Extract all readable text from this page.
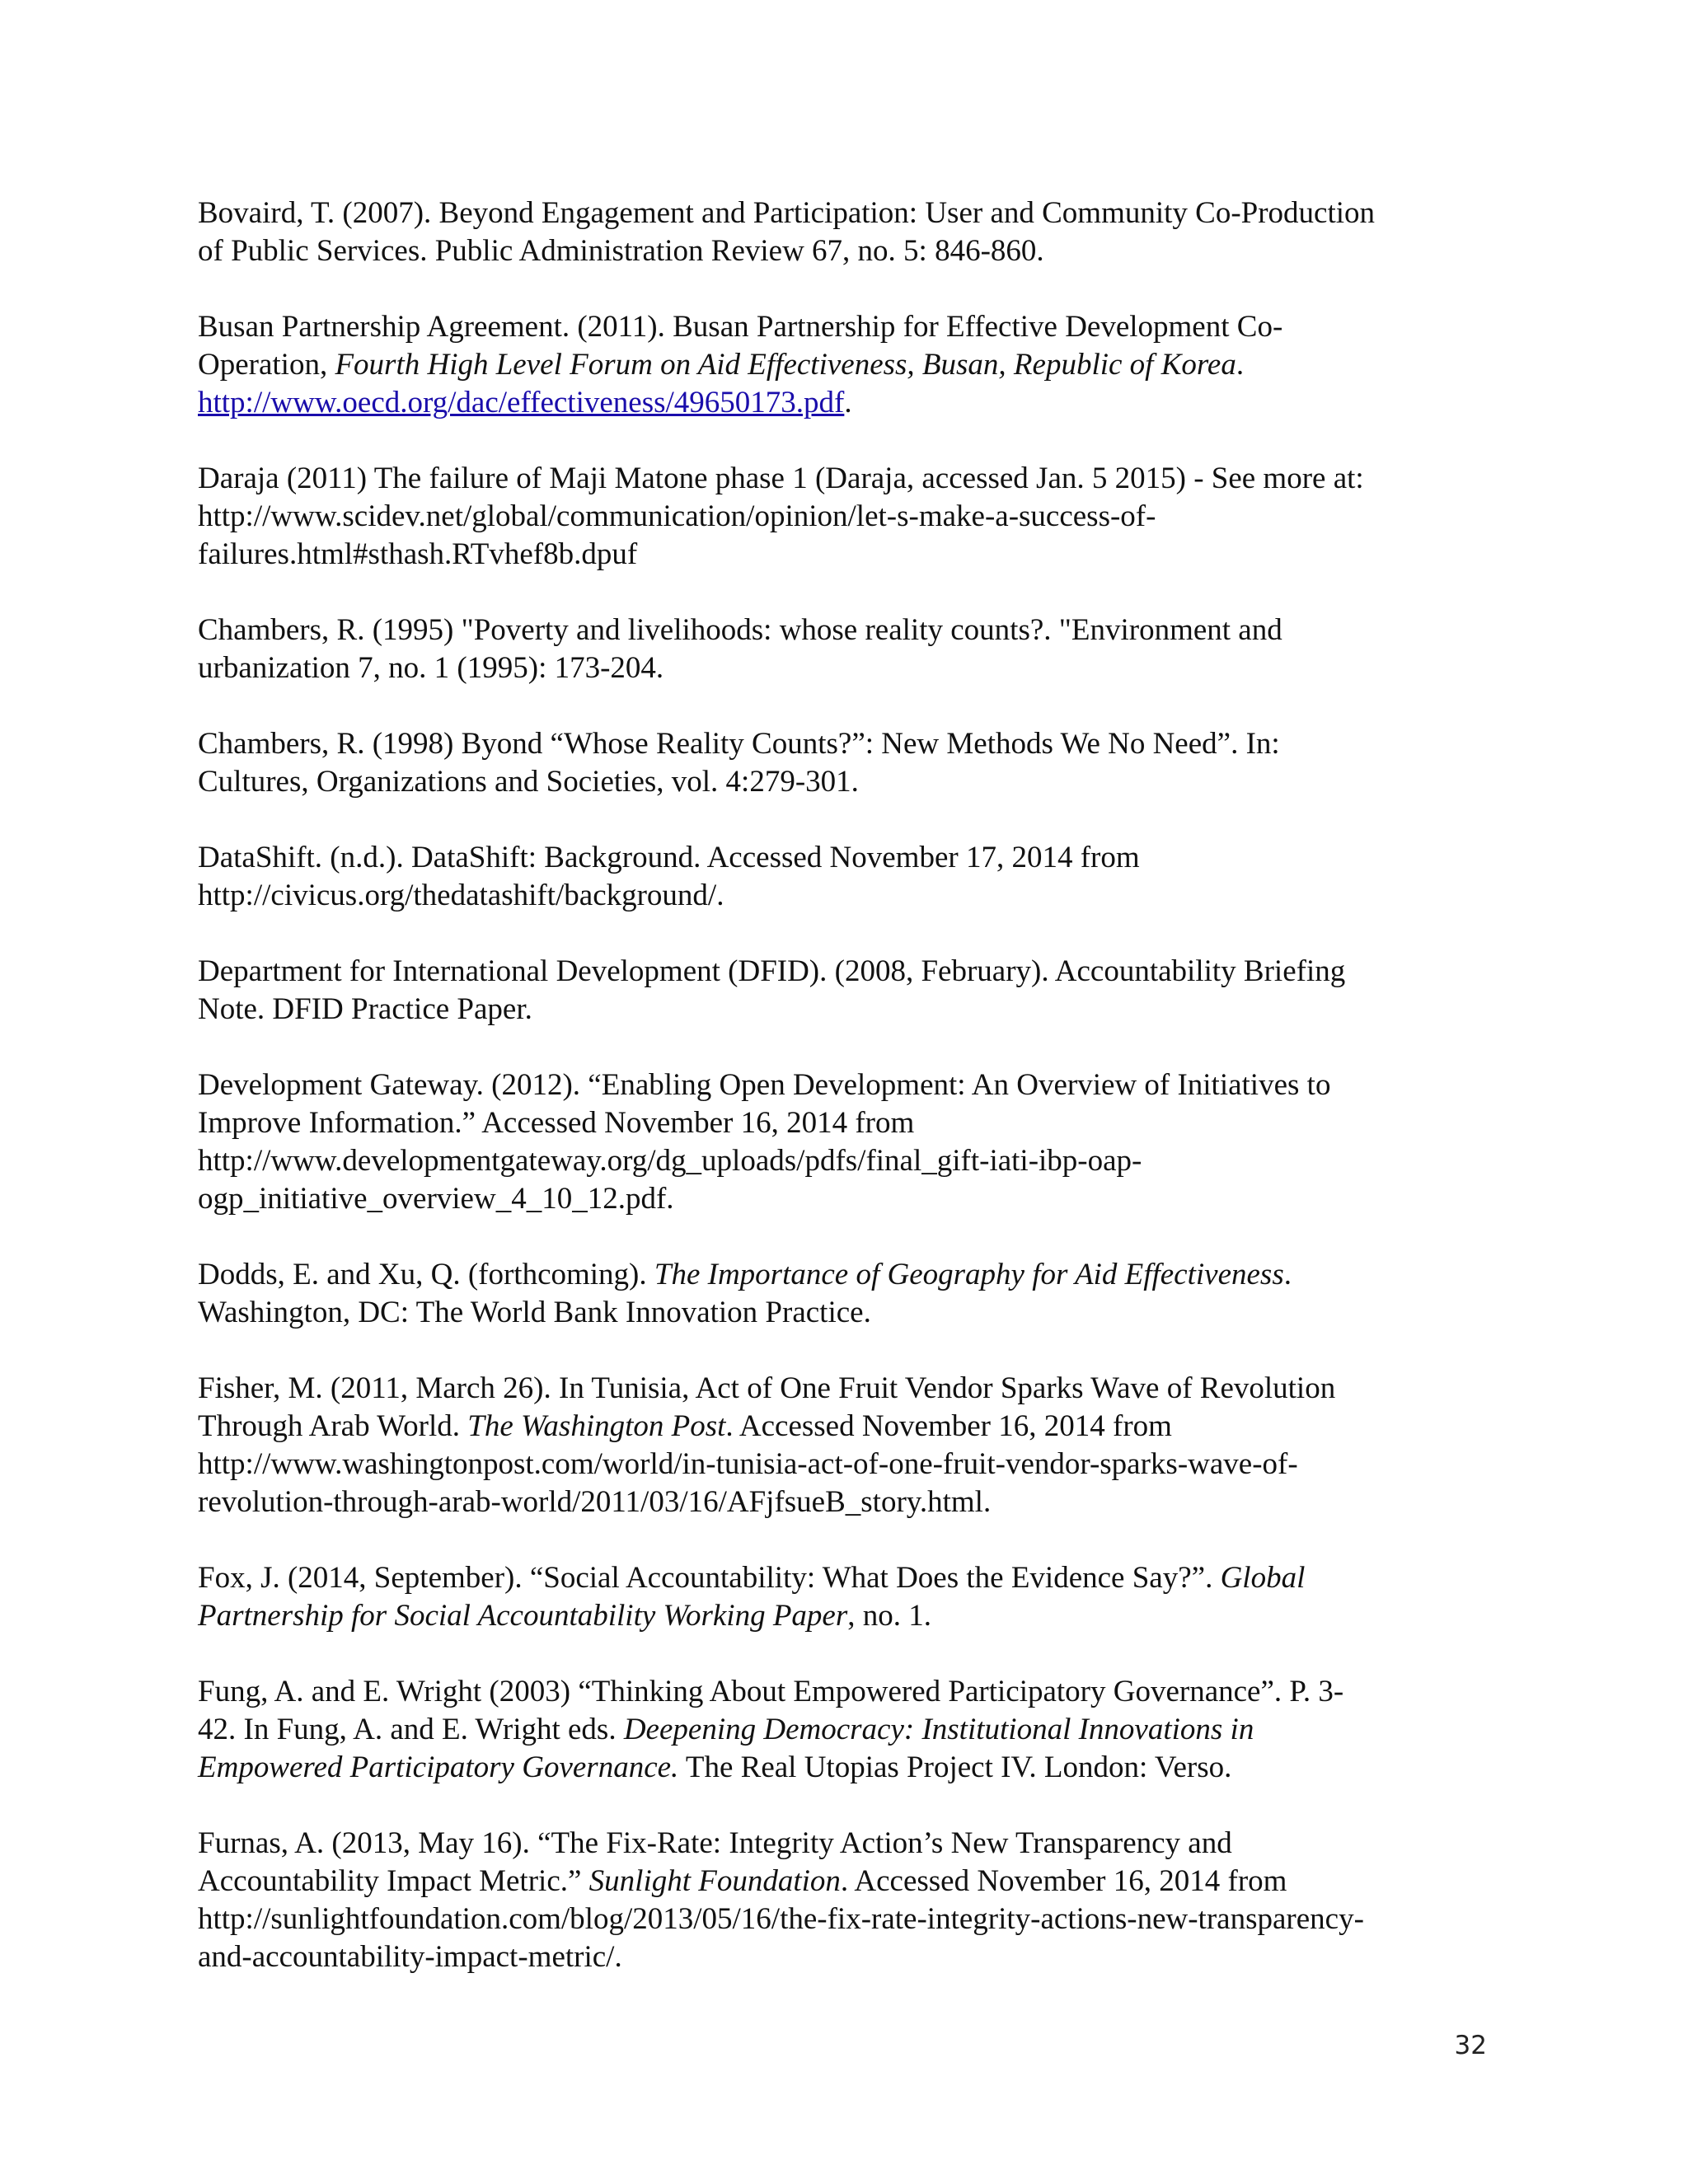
Bovaird, T. (2007). Beyond Engagement and Participation: User and Community Co-Production
of Public Services. Public Administration Review 67, no. 5: 846-860.

Busan Partnership Agreement. (2011). Busan Partnership for Effective Development Co-
Operation, Fourth High Level Forum on Aid Effectiveness, Busan, Republic of Korea.
http://www.oecd.org/dac/effectiveness/49650173.pdf.

Daraja (2011) The failure of Maji Matone phase 1 (Daraja, accessed Jan. 5 2015) - See more at:
http://www.scidev.net/global/communication/opinion/let-s-make-a-success-of-
failures.html#sthash.RTvhef8b.dpuf

Chambers, R. (1995) "Poverty and livelihoods: whose reality counts?. "Environment and
urbanization 7, no. 1 (1995): 173-204.

Chambers, R. (1998) Byond “Whose Reality Counts?”: New Methods We No Need”. In:
Cultures, Organizations and Societies, vol. 4:279-301.

DataShift. (n.d.). DataShift: Background. Accessed November 17, 2014 from
http://civicus.org/thedatashift/background/.

Department for International Development (DFID). (2008, February). Accountability Briefing
Note. DFID Practice Paper.

Development Gateway. (2012). “Enabling Open Development: An Overview of Initiatives to
Improve Information.” Accessed November 16, 2014 from
http://www.developmentgateway.org/dg_uploads/pdfs/final_gift-iati-ibp-oap-
ogp_initiative_overview_4_10_12.pdf.

Dodds, E. and Xu, Q. (forthcoming). The Importance of Geography for Aid Effectiveness.
Washington, DC: The World Bank Innovation Practice.

Fisher, M. (2011, March 26). In Tunisia, Act of One Fruit Vendor Sparks Wave of Revolution
Through Arab World. The Washington Post. Accessed November 16, 2014 from
http://www.washingtonpost.com/world/in-tunisia-act-of-one-fruit-vendor-sparks-wave-of-
revolution-through-arab-world/2011/03/16/AFjfsueB_story.html.

Fox, J. (2014, September). “Social Accountability: What Does the Evidence Say?”. Global
Partnership for Social Accountability Working Paper, no. 1.

Fung, A. and E. Wright (2003) “Thinking About Empowered Participatory Governance”. P. 3-
42. In Fung, A. and E. Wright eds. Deepening Democracy: Institutional Innovations in
Empowered Participatory Governance. The Real Utopias Project IV. London: Verso.

Furnas, A. (2013, May 16). “The Fix-Rate: Integrity Action’s New Transparency and
Accountability Impact Metric.” Sunlight Foundation. Accessed November 16, 2014 from
http://sunlightfoundation.com/blog/2013/05/16/the-fix-rate-integrity-actions-new-transparency-
and-accountability-impact-metric/.

32
